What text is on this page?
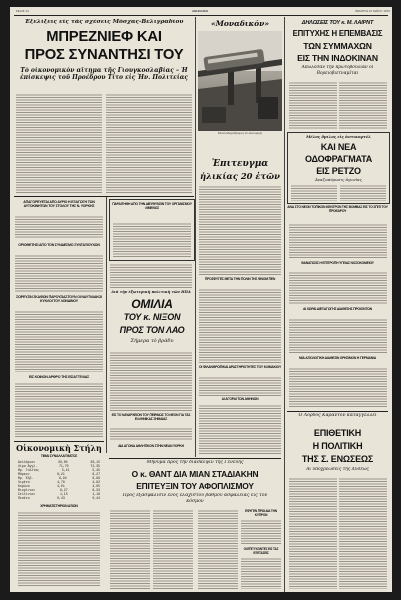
ΣΕΛΙΣ 14	ΑΘΗΝΑΙΚΗ	ΠΕΜΠΤΗ 21 ΜΑΪΟΥ 1970
Ἐξελίξεις εἰς τὰς σχέσεις Μόσχας-Βελιγραδίου
ΜΠΡΕΖΝΙΕΦ ΚΑΙ
ΠΡΟΣ ΣΥΝΑΝΤΗΣΙ ΤΟΥ
Τὸ οἰκονομικὸν αἴτημα τῆς Γιουγκοσλαβίας – Ἡ ἐπίσκεψις τοῦ Προέδρου Τίτο εἰς Ἠν. Πολιτείας
ΑΠΑΓΟΡΕΥΕΤΑΙ ΑΠΟ ΑΥΡΙΟ Η ΕΞΑΓΩΓΗ ΤΩΝ ΑΥΤΟΚΙΝΗΤΩΝ ΤΟΥ ΣΤΟΛΟΥ ΤΗΣ Ν. ΥΟΡΚΗΣ
ΟΡΙΟΘΕΤΗΣΙ ΑΠΟ ΤΟΝ ΣΥΝΔΕΣΜΟ ΣΥΝΤΑΞΙΟΥΧΩΝ
ΣΩΡΕΥΣΙΝ ΣΚΑΦΩΝ ΠΑΡΟΥΣΙΑΣΤΟΥΝ ΟΙ ΝΑΥΤΙΛΙΑΚΟΙ ΚΥΚΛΟΙ ΤΟΥ ΛΟΝΔΙΝΟΥ
ΕΙΣ ΚΟΙΝΟΝ ΑΡΘΡΟ ΤΗΣ ΕΙΣΑΓΓΕΛΙΑΣ
Οἰκονομικὴ Στήλη
ΤΙΜΑΙ ΣΥΝΑΛΛΑΓΜΑΤΟΣ
Δολλάριον	30,00	30,15
Λίρα Ἀγγλ.	71,70	72,35
Φρ. Γαλλίας	5,41	5,45
Μάρκον	8,21	8,27
Φρ. Ἑλβ.	6,94	6,99
Λιρέτα	4,78	4,82
Κορώνα	4,01	4,05
Φιορίνιον	8,27	8,33
Σελλίνιον	1,15	1,16
Πεσέτα	0,43	0,44
ΧΡΗΜΑΤΙΣΤΗΡΙΟΝ ΑΞΙΩΝ
ΠΑΡΑΙΤΗΘΗ ΑΠΟ ΤΗΝ ΔΙΕΥΘΥΝΣΙΝ ΤΟΥ ΟΡΓΑΝΙΣΜΟΥ ΛΙΜΕΝΟΣ
Διὰ τὴν ἐξωτερικὴ πολιτικὴ τῶν ΗΠΑ
ΟΜΙΛΙΑ
ΤΟΥ κ. ΝΙΞΟΝ
ΠΡΟΣ ΤΟΝ ΛΑΟ
Σήμερα τὸ βράδυ
ΕΙΣ ΤΟ ΝΑΥΑΡΧΕΙΟΝ ΤΟΥ ΠΕΙΡΑΙΩΣ ΤΟ ΝΕΟΝ ΓΙΑ ΤΑΣ ΕΛΛΗΝΙΚΑΣ ΣΗΜΑΙΑΣ
ΔΙΑ ΑΓΩΝΑ ΑΘΛΗΤΙΚΟΝ ΣΤΗΝ ΝΕΑΝ ΥΟΡΚΗ
«Μοναδικόν»
Μονοσιδηρόδρομος ἐν λειτουργίᾳ
Ἐπιτευγμα
ἡλικίας 20 ἐτῶν
ΠΡΟΣΦΥΓΕΣ ΜΕΤΑ ΤΗΝ ΠΟΛΙΝ ΤΗΣ ΦΝΟΜ ΠΕΝ
ΟΙ ΦΙΛΑΝΘΡΩΠΙΚΑΙ ΔΡΑΣΤΗΡΙΟΤΗΤΕΣ ΤΟΥ ΚΛΙΜΑΚΙΟΥ
ΑΙ ΑΓΟΡΑΙ ΤΩΝ ΑΘΗΝΩΝ
ΔΗΛΩΣΕΙΣ ΤΟΥ κ. Μ. ΛΑΙΡΝΤ
ΕΠΙΤΥΧΗΣ Η ΕΠΕΜΒΑΣΙΣ
ΤΩΝ ΣΥΜΜΑΧΩΝ
ΕΙΣ ΤΗΝ ΙΝΔΟΚΙΝΑΝ
Ἀπώλεσαν τὴν πρωτοβουλίαν οἱ Βορειοβιετναμῖται
Μέλος ὅμιλος εἰς ἀντικαρτέλ
ΚΑΙ ΝΕΑ
ΟΔΟΦΡΑΓΜΑΤΑ
ΕΙΣ ΡΕΤΖΟ
Ἀναζωπύρωσις ἀγωνίας
ΑΝΑ ΣΤΟ ΝΕΟΝ ΤΟΠΙΚΟΝ ΚΕΝΤΡΟΝ ΤΗΣ ΒΟΜΒΑΣ ΕΙΣ ΤΟ ΣΠΙΤΙ ΤΟΥ ΠΡΟΕΔΡΟΥ
ΘΑΝΑΤΩΣΙΣ Η ΕΠΙΤΡΟΠΗ ΥΓΕΙΑΣ ΝΟΣΟΚΟΜΕΙΟΥ
ΑΙ ΧΩΡΑΙ ΔΙΕΞΑΓΩΓΗΣ ΔΙΑΘΕΣΗΣ ΠΡΟΙΟΝΤΩΝ
ΜΙΑ ΑΞΙΟΛΟΓΙΚΗ ΔΙΑΘΕΣΙΝ ΧΡΗΣΙΜΟΝ Η ΓΕΡΜΑΝΙΑ
Ὁ Λόρδος Κάραντον καταγγέλλει
ΕΠΙΘΕΤΙΚΗ
Η ΠΟΛΙΤΙΚΗ
ΤΗΣ Σ. ΕΝΩΣΕΩΣ
Αἱ ὑποχρεώσεις τῆς Δύσεως
Μήνυμα πρὸς τὴν διάσκεψιν τῆς Γενεύης
Ο κ. ΘΑΝΤ ΔΙΑ ΜΙΑΝ ΣΤΑΔΙΑΚΗΝ
ΕΠΙΤΕΥΞΙΝ ΤΟΥ ΑΦΟΠΛΙΣΜΟΥ
Πρὸς ἐξασφάλισιν ἑνὸς ἐλαχίστου βαθμοῦ ἀσφαλείας εἰς τὸν κόσμον
ΕΦΥΓΕΝ ΠΡΩΙ ΔΙΑ ΤΗΝ ΚΥΠΡΟΝ
ΟΙ ΕΠΙΤΥΧΟΝΤΕΣ ΕΙΣ ΤΑΣ ΕΞΕΤΑΣΕΙΣ
